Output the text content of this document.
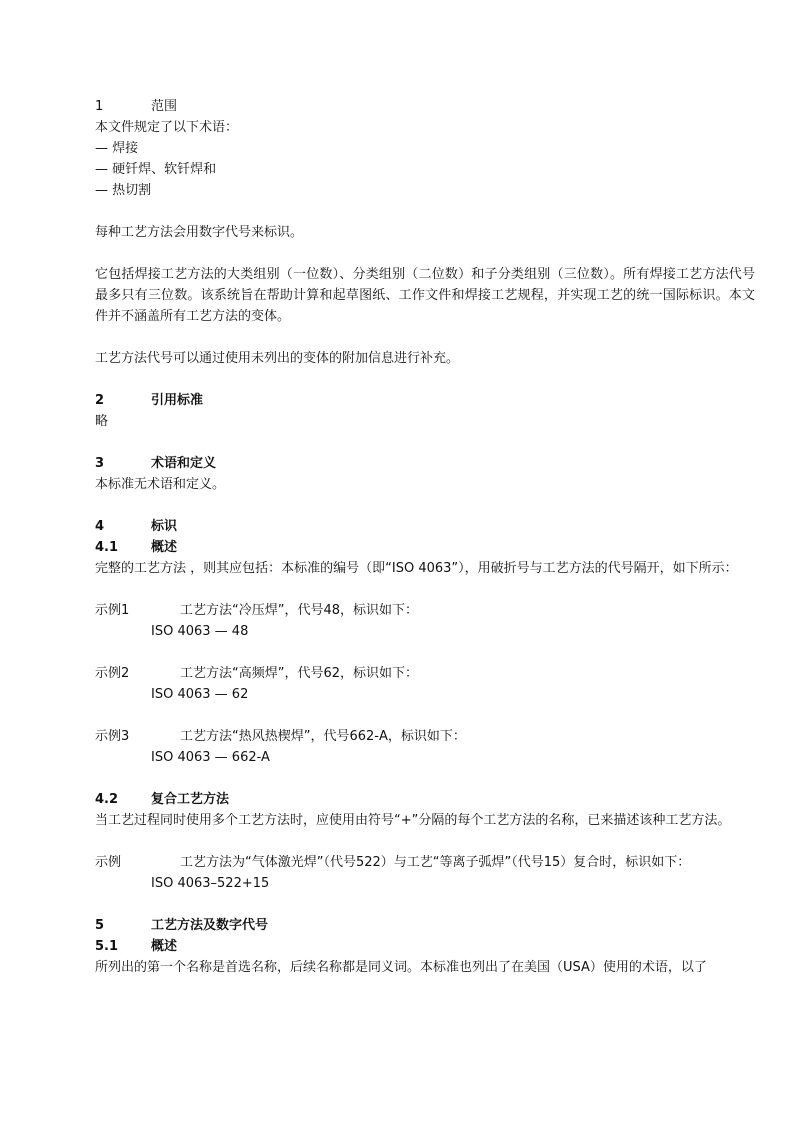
1	范围
本文件规定了以下术语：
— 焊接
— 硬钎焊、软钎焊和
— 热切割
每种工艺方法会用数字代号来标识。
它包括焊接工艺方法的大类组别（一位数）、分类组别（二位数）和子分类组别（三位数）。所有焊接工艺方法代号最多只有三位数。该系统旨在帮助计算和起草图纸、工作文件和焊接工艺规程，并实现工艺的统一国际标识。本文件并不涵盖所有工艺方法的变体。
工艺方法代号可以通过使用未列出的变体的附加信息进行补充。
2	引用标准
略
3	术语和定义
本标准无术语和定义。
4	标识
4.1	概述
完整的工艺方法 ，则其应包括：本标准的编号（即“ISO 4063”），用破折号与工艺方法的代号隔开，如下所示：
示例1	工艺方法“冷压焊”，代号48，标识如下：
ISO 4063 — 48
示例2	工艺方法“高频焊”，代号62，标识如下：
ISO 4063 — 62
示例3	工艺方法“热风热楔焊”，代号662-A，标识如下：
ISO 4063 — 662-A
4.2	复合工艺方法
当工艺过程同时使用多个工艺方法时，应使用由符号“+”分隔的每个工艺方法的名称，已来描述该种工艺方法。
示例	工艺方法为“气体激光焊”（代号522）与工艺“等离子弧焊”（代号15）复合时，标识如下：
ISO 4063–522+15
5	工艺方法及数字代号
5.1	概述
所列出的第一个名称是首选名称，后续名称都是同义词。本标准也列出了在美国（USA）使用的术语，以了
